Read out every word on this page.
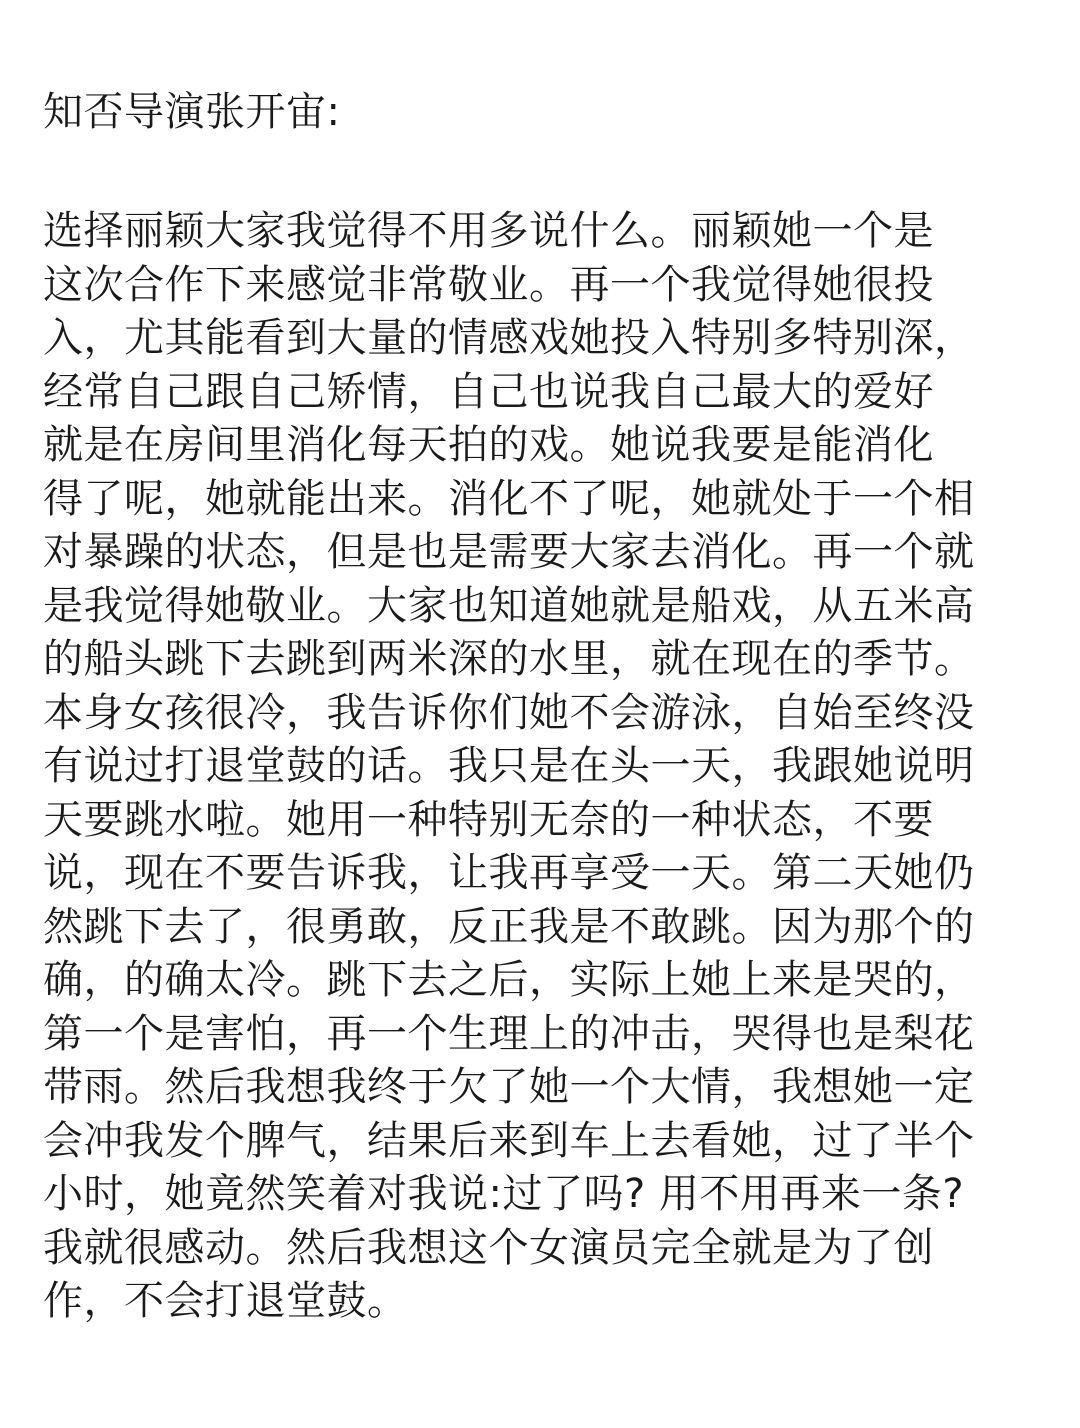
知否导演张开宙:
选择丽颖大家我觉得不用多说什么。丽颖她一个是
这次合作下来感觉非常敬业。再一个我觉得她很投
入，尤其能看到大量的情感戏她投入特别多特别深，
经常自己跟自己矫情，自己也说我自己最大的爱好
就是在房间里消化每天拍的戏。她说我要是能消化
得了呢，她就能出来。消化不了呢，她就处于一个相
对暴躁的状态，但是也是需要大家去消化。再一个就
是我觉得她敬业。大家也知道她就是船戏，从五米高
的船头跳下去跳到两米深的水里，就在现在的季节。
本身女孩很冷，我告诉你们她不会游泳，自始至终没
有说过打退堂鼓的话。我只是在头一天，我跟她说明
天要跳水啦。她用一种特别无奈的一种状态，不要
说，现在不要告诉我，让我再享受一天。第二天她仍
然跳下去了，很勇敢，反正我是不敢跳。因为那个的
确，的确太冷。跳下去之后，实际上她上来是哭的，
第一个是害怕，再一个生理上的冲击，哭得也是梨花
带雨。然后我想我终于欠了她一个大情，我想她一定
会冲我发个脾气，结果后来到车上去看她，过了半个
小时，她竟然笑着对我说:过了吗? 用不用再来一条?
我就很感动。然后我想这个女演员完全就是为了创
作，不会打退堂鼓。
